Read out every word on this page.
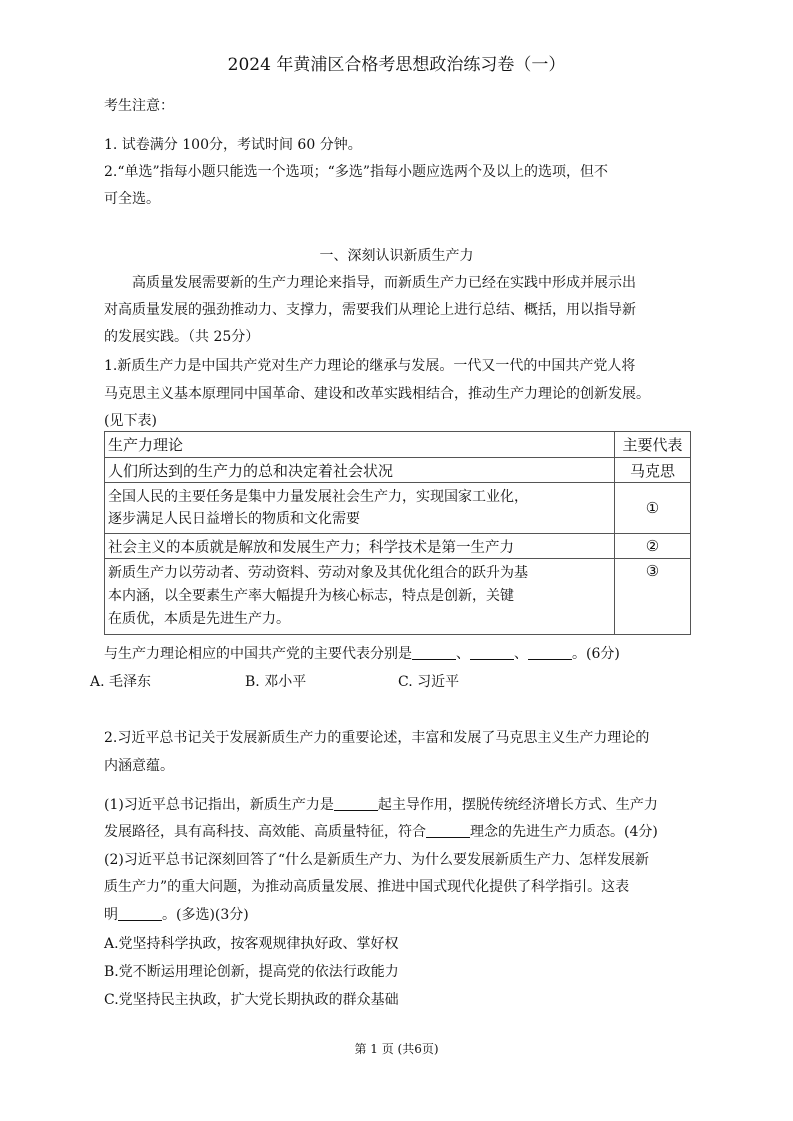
2024 年黄浦区合格考思想政治练习卷（一）
考生注意：
1. 试卷满分 100分，考试时间 60 分钟。
2.“单选”指每小题只能选一个选项；“多选”指每小题应选两个及以上的选项，但不
可全选。
一、深刻认识新质生产力
高质量发展需要新的生产力理论来指导，而新质生产力已经在实践中形成并展示出
对高质量发展的强劲推动力、支撑力，需要我们从理论上进行总结、概括，用以指导新
的发展实践。（共 25分）
1.新质生产力是中国共产党对生产力理论的继承与发展。一代又一代的中国共产党人将
马克思主义基本原理同中国革命、建设和改革实践相结合，推动生产力理论的创新发展。
(见下表)
生产力理论	主要代表
人们所达到的生产力的总和决定着社会状况	马克思

全国人民的主要任务是集中力量发展社会生产力，实现国家工业化，
逐步满足人民日益增长的物质和文化需要	①
社会主义的本质就是解放和发展生产力；科学技术是第一生产力	②

新质生产力以劳动者、劳动资料、劳动对象及其优化组合的跃升为基
本内涵，以全要素生产率大幅提升为核心标志，特点是创新，关键
在质优，本质是先进生产力。	③
与生产力理论相应的中国共产党的主要代表分别是	、	、	。(6分)
A. 毛泽东	B. 邓小平	C. 习近平
2.习近平总书记关于发展新质生产力的重要论述，丰富和发展了马克思主义生产力理论的
内涵意蕴。
(1)习近平总书记指出，新质生产力是	起主导作用，摆脱传统经济增长方式、生产力
发展路径，具有高科技、高效能、高质量特征，符合	理念的先进生产力质态。(4分)
(2)习近平总书记深刻回答了“什么是新质生产力、为什么要发展新质生产力、怎样发展新
质生产力”的重大问题，为推动高质量发展、推进中国式现代化提供了科学指引。这表
明	。(多选)(3分)
A.党坚持科学执政，按客观规律执好政、掌好权
B.党不断运用理论创新，提高党的依法行政能力
C.党坚持民主执政，扩大党长期执政的群众基础
第 1 页 (共6页)
